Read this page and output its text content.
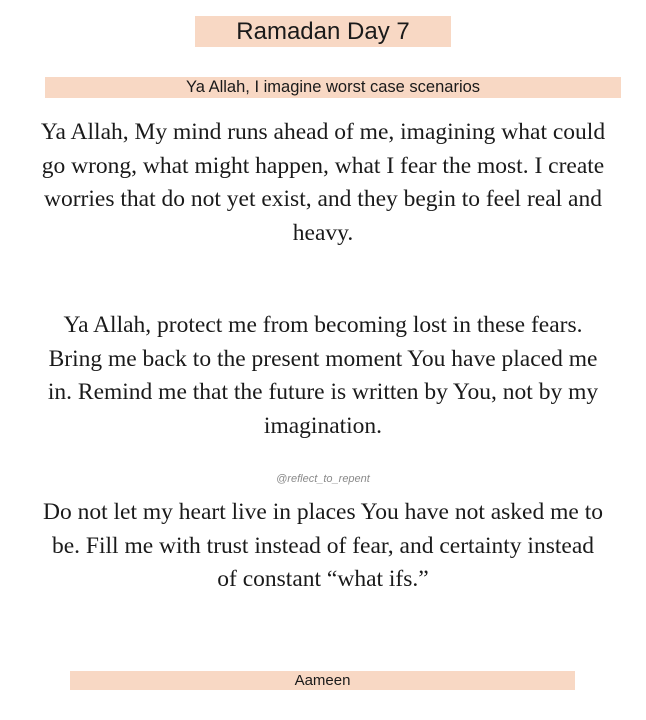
Ramadan Day 7
Ya Allah, I imagine worst case scenarios

Ya Allah, My mind runs ahead of me, imagining what could go wrong, what might happen, what I fear the most. I create worries that do not yet exist, and they begin to feel real and heavy.

Ya Allah, protect me from becoming lost in these fears. Bring me back to the present moment You have placed me in. Remind me that the future is written by You, not by my imagination.

@reflect_to_repent

Do not let my heart live in places You have not asked me to be. Fill me with trust instead of fear, and certainty instead of constant “what ifs.”

Aameen
